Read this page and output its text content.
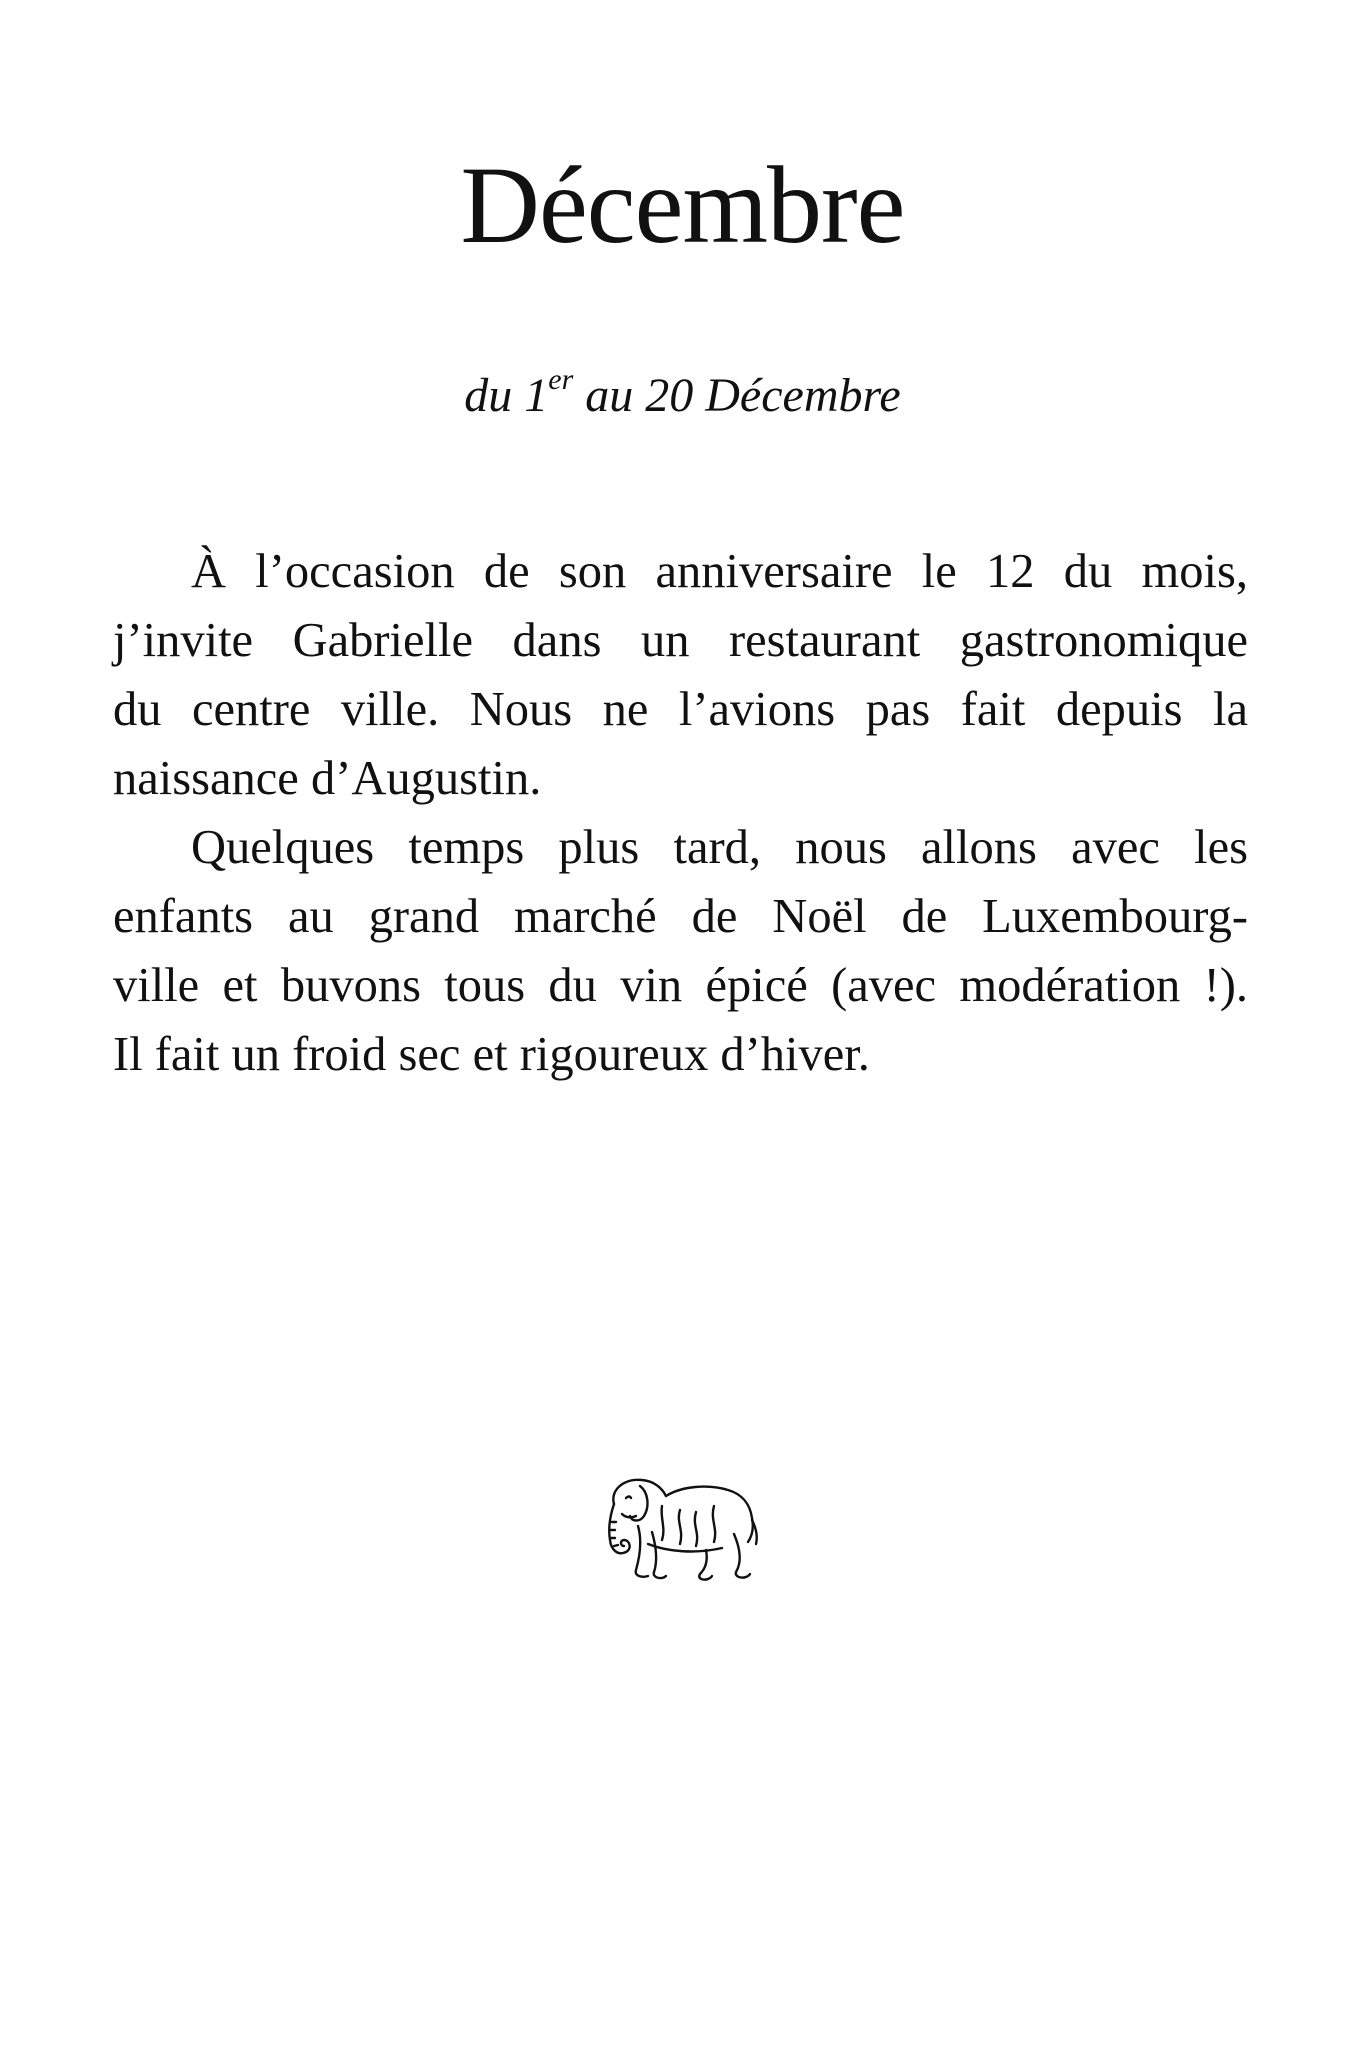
Décembre
du 1er au 20 Décembre
À l’occasion de son anniversaire le 12 du mois,
j’invite Gabrielle dans un restaurant gastronomique
du centre ville. Nous ne l’avions pas fait depuis la
naissance d’Augustin.
Quelques temps plus tard, nous allons avec les
enfants au grand marché de Noël de Luxembourg-
ville et buvons tous du vin épicé (avec modération !).
Il fait un froid sec et rigoureux d’hiver.
